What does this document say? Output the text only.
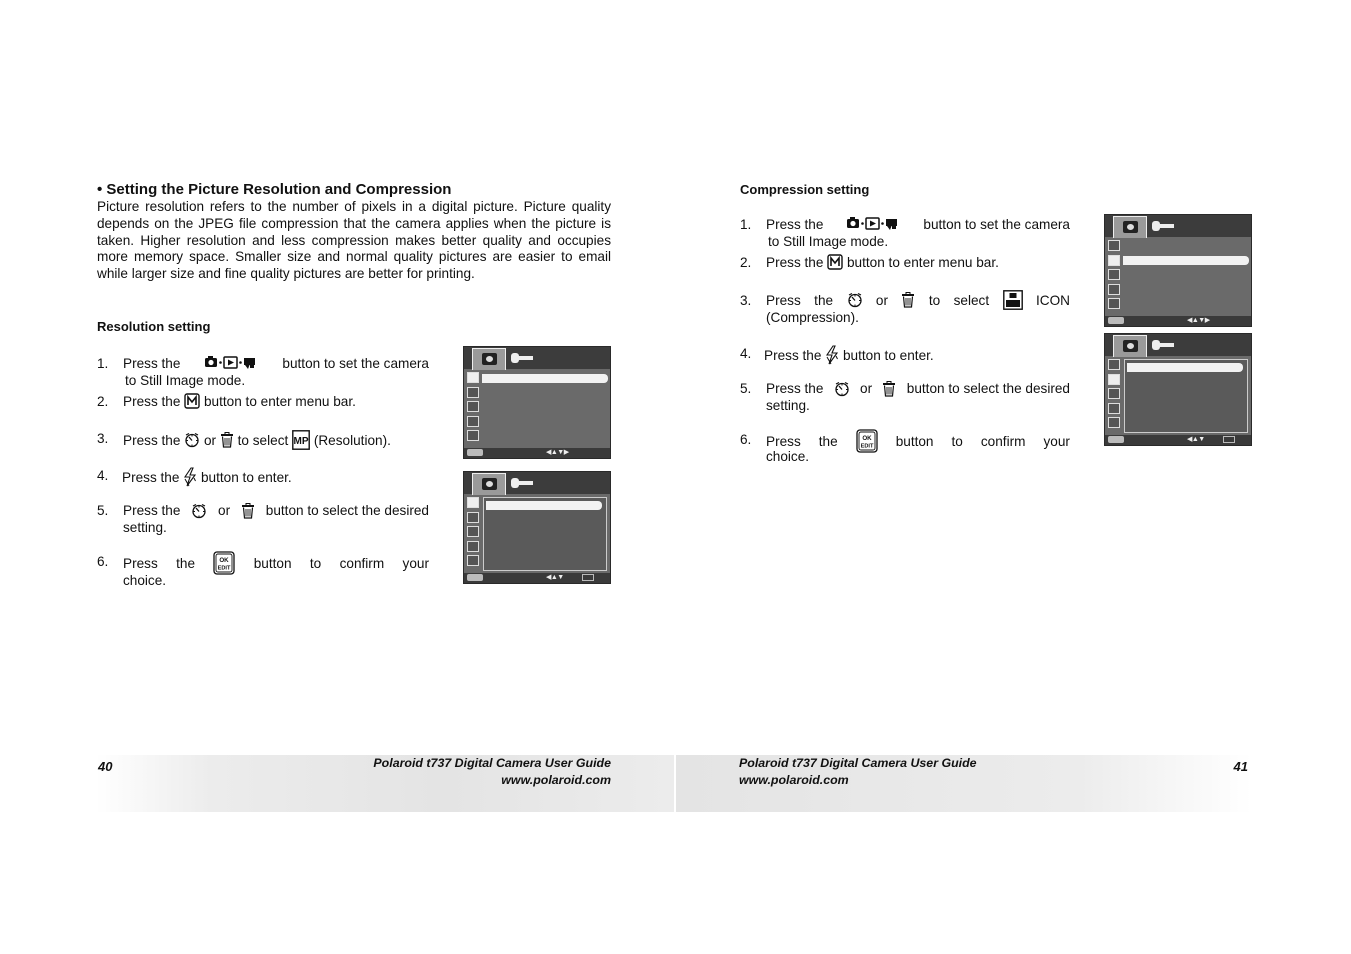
• Setting the Picture Resolution and Compression
Picture resolution refers to the number of pixels in a digital picture. Picture quality depends on the JPEG file compression that the camera applies when the picture is taken. Higher resolution and less compression makes better quality and occupies more memory space. Smaller size and normal quality pictures are easier to email while larger size and fine quality pictures are better for printing.
Resolution setting
1. Press the	button to set the camera
to Still Image mode.
2. Press the button to enter menu bar.
3. Press the or to select (Resolution).
4. Press the button to enter.
5. Press the	or	button to select the desired
setting.
6. Press the	button to confirm your
choice.
◀▲▼▶
◀▲▼
Compression setting
1. Press the	button to set the camera
to Still Image mode.
2. Press the button to enter menu bar.
3. Press the	or	to select	ICON
(Compression).
4. Press the button to enter.
5. Press the	or	button to select the desired
setting.
6. Press the	button to confirm your
choice.
◀▲▼▶
◀▲▼
40	Polaroid t737 Digital Camera User Guide
www.polaroid.com
Polaroid t737 Digital Camera User Guide
www.polaroid.com
41
